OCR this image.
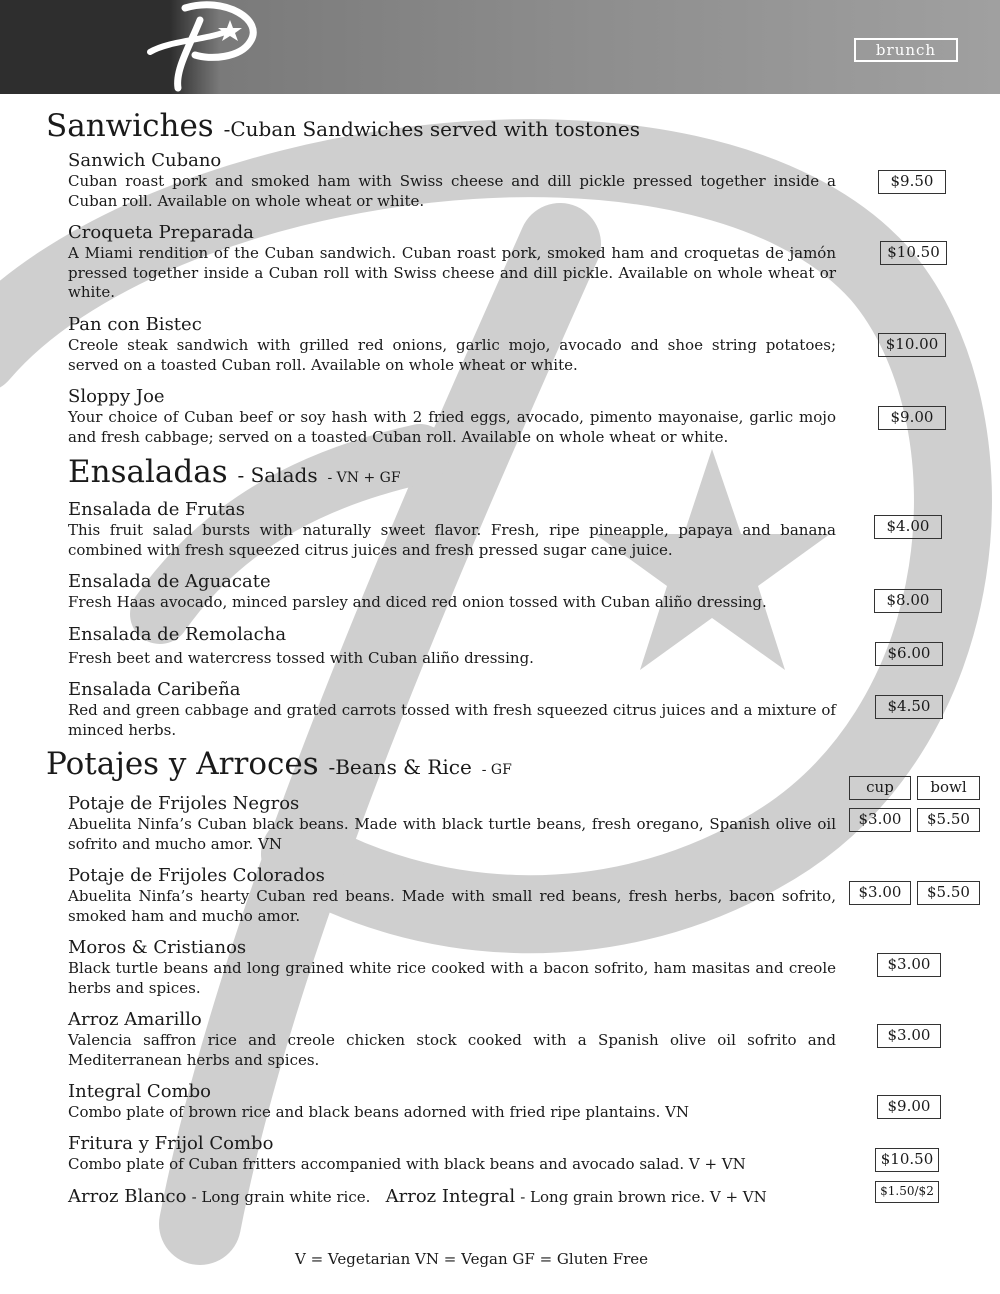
brunch
Sanwiches -Cuban Sandwiches served with tostones
Sanwich Cubano
Cuban roast pork and smoked ham with Swiss cheese and dill pickle pressed together inside a Cuban roll. Available on whole wheat or white.
$9.50
Croqueta Preparada
A Miami rendition of the Cuban sandwich. Cuban roast pork, smoked ham and croquetas de jamón pressed together inside a Cuban roll with Swiss cheese and dill pickle. Available on whole wheat or white.
$10.50
Pan con Bistec
Creole steak sandwich with grilled red onions, garlic mojo, avocado and shoe string potatoes; served on a toasted Cuban roll. Available on whole wheat or white.
$10.00
Sloppy Joe
Your choice of Cuban beef or soy hash with 2 fried eggs, avocado, pimento mayonaise, garlic mojo and fresh cabbage; served on a toasted Cuban roll. Available on whole wheat or white.
$9.00
Ensaladas - Salads - VN + GF
Ensalada de Frutas
This fruit salad bursts with naturally sweet flavor. Fresh, ripe pineapple, papaya and banana combined with fresh squeezed citrus juices and fresh pressed sugar cane juice.
$4.00
Ensalada de Aguacate
Fresh Haas avocado, minced parsley and diced red onion tossed with Cuban aliño dressing.	$8.00
Ensalada de Remolacha
Fresh beet and watercress tossed with Cuban aliño dressing.	$6.00
Ensalada Caribeña
Red and green cabbage and grated carrots tossed with fresh squeezed citrus juices and a mixture of minced herbs.
$4.50
Potajes y Arroces -Beans & Rice - GF
cup	bowl
Potaje de Frijoles Negros
Abuelita Ninfa’s Cuban black beans. Made with black turtle beans, fresh oregano, Spanish olive oil sofrito and mucho amor. VN
$3.00	$5.50
Potaje de Frijoles Colorados
Abuelita Ninfa’s hearty Cuban red beans. Made with small red beans, fresh herbs, bacon sofrito, smoked ham and mucho amor.
$3.00	$5.50
Moros & Cristianos
Black turtle beans and long grained white rice cooked with a bacon sofrito, ham masitas and creole herbs and spices.
$3.00
Arroz Amarillo
Valencia saffron rice and creole chicken stock cooked with a Spanish olive oil sofrito and Mediterranean herbs and spices.
$3.00
Integral Combo
Combo plate of brown rice and black beans adorned with fried ripe plantains. VN	$9.00
Fritura y Frijol Combo
Combo plate of Cuban fritters accompanied with black beans and avocado salad. V + VN	$10.50
Arroz Blanco - Long grain white rice. Arroz Integral - Long grain brown rice. V + VN	$1.50/$2
V = Vegetarian VN = Vegan GF = Gluten Free
